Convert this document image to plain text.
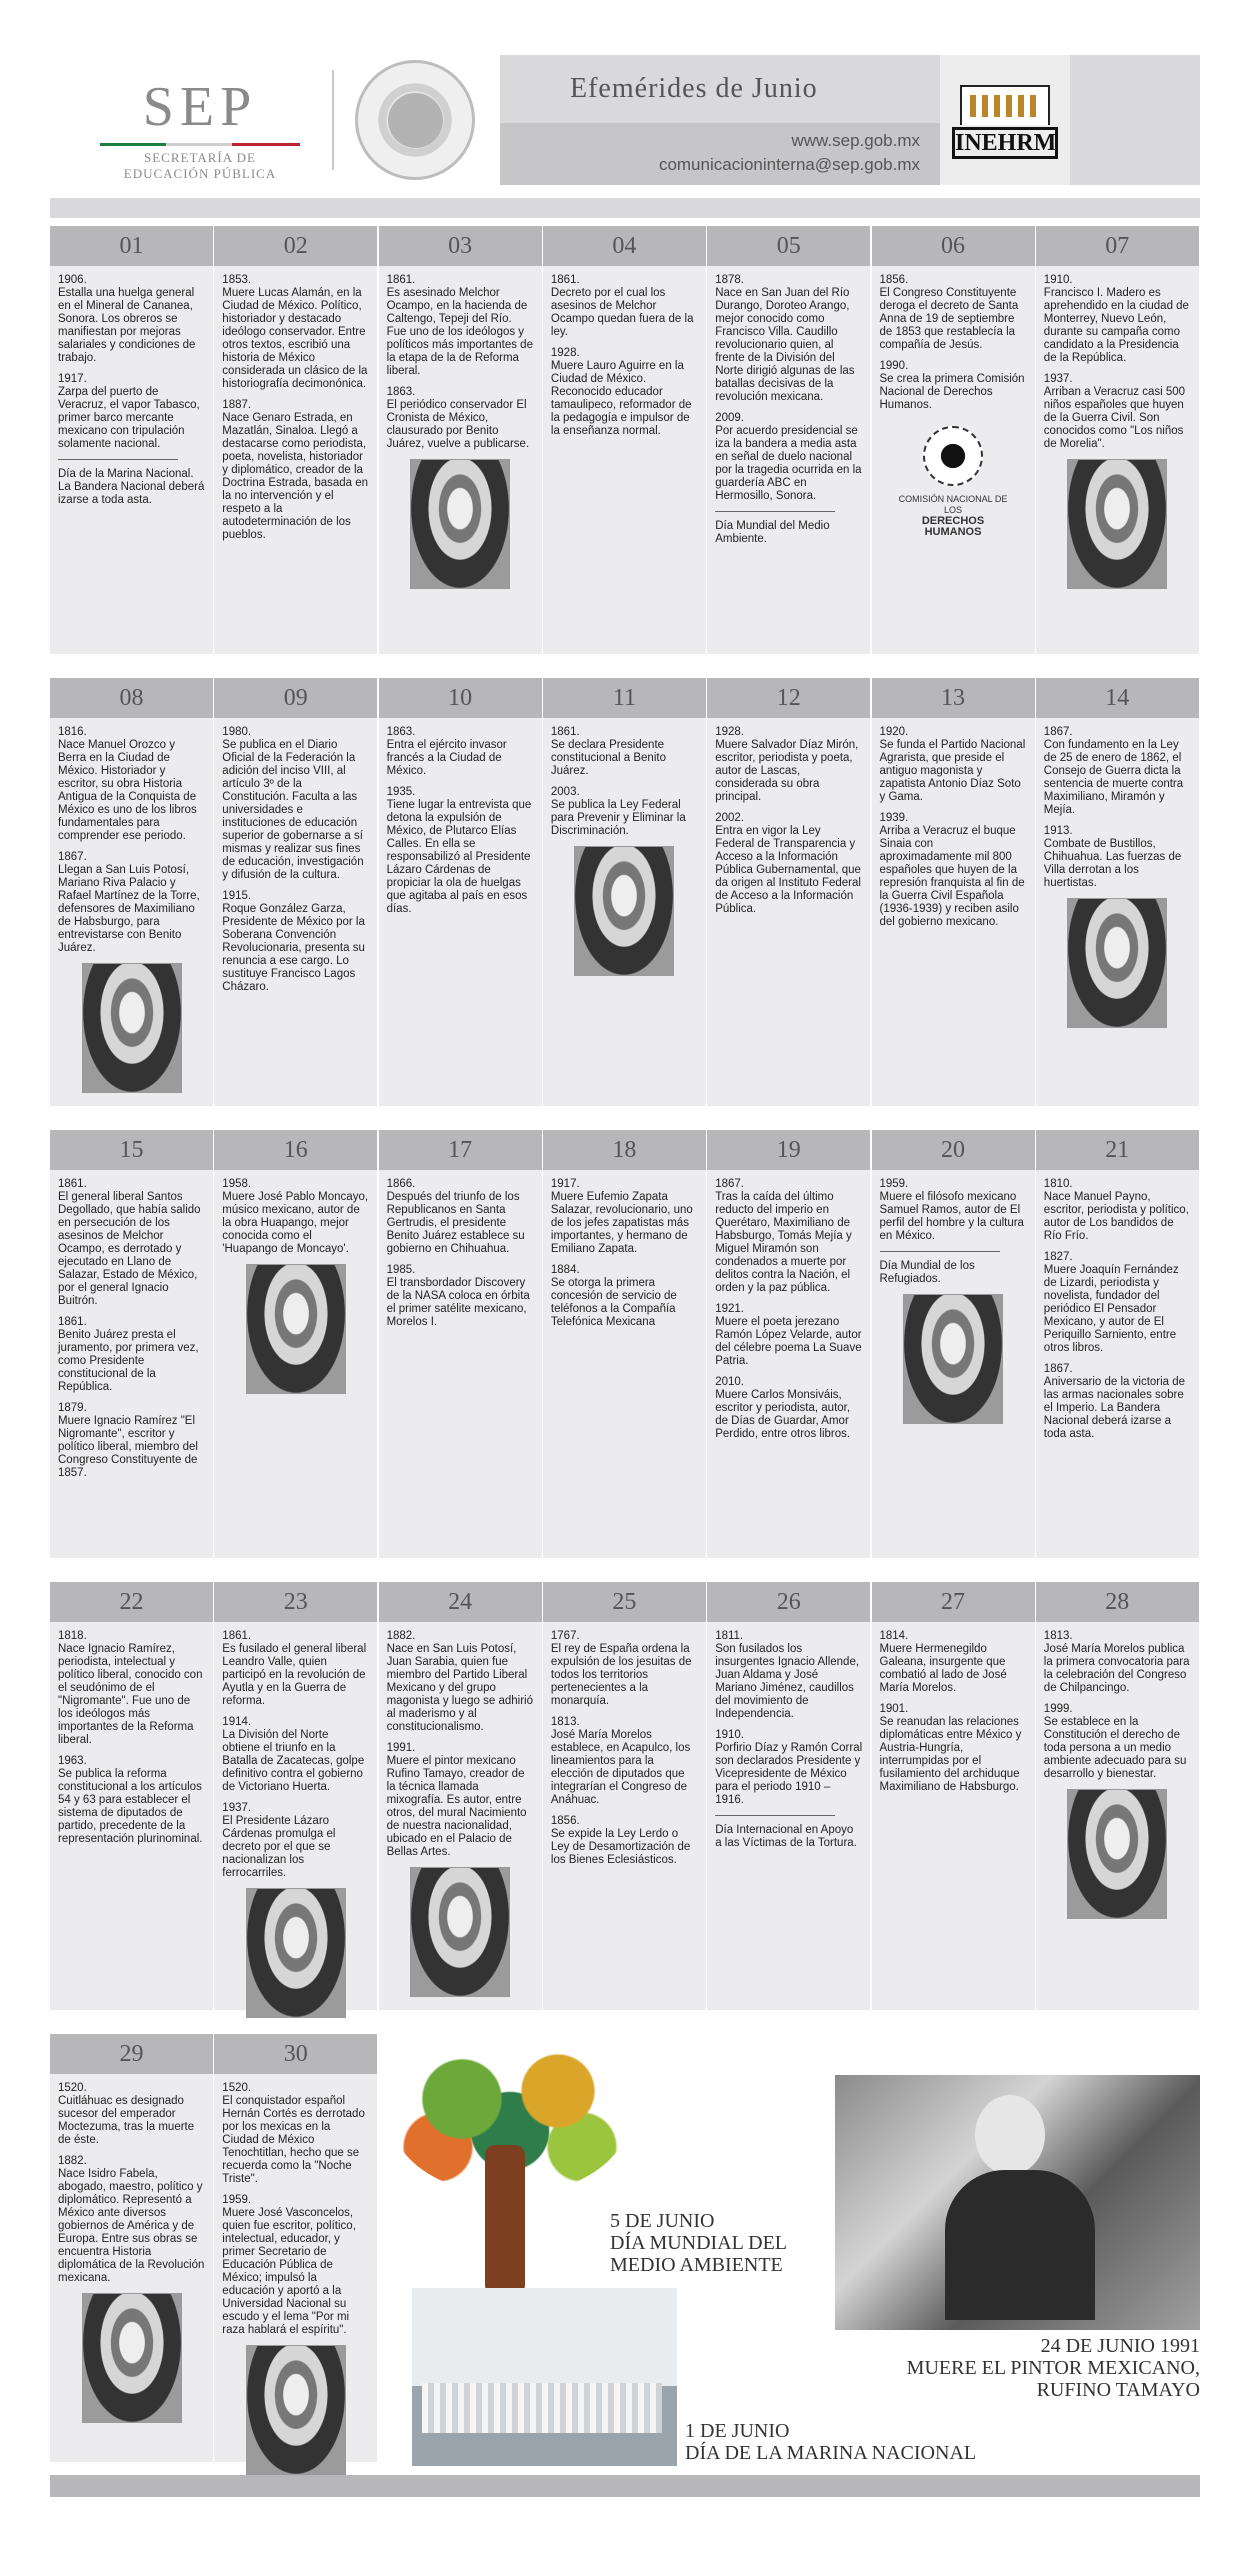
SEP
SECRETARÍA DE
EDUCACIÓN PÚBLICA
Efemérides de Junio
www.sep.gob.mx
comunicacioninterna@sep.gob.mx
INEHRM
01

1906.
Estalla una huelga general en el Mineral de Cananea, Sonora. Los obreros se manifiestan por mejoras salariales y condiciones de trabajo.

1917.
Zarpa del puerto de Veracruz, el vapor Tabasco, primer barco mercante mexicano con tripulación solamente nacional.

Día de la Marina Nacional. La Bandera Nacional deberá izarse a toda asta.

02

1853.
Muere Lucas Alamán, en la Ciudad de México. Político, historiador y destacado ideólogo conservador. Entre otros textos, escribió una historia de México considerada un clásico de la historiografía decimonónica.

1887.
Nace Genaro Estrada, en Mazatlán, Sinaloa. Llegó a destacarse como periodista, poeta, novelista, historiador y diplomático, creador de la Doctrina Estrada, basada en la no intervención y el respeto a la autodeterminación de los pueblos.

03

1861.
Es asesinado Melchor Ocampo, en la hacienda de Caltengo, Tepeji del Río. Fue uno de los ideólogos y políticos más importantes de la etapa de la de Reforma liberal.

1863.
El periódico conservador El Cronista de México, clausurado por Benito Juárez, vuelve a publicarse.

04

1861.
Decreto por el cual los asesinos de Melchor Ocampo quedan fuera de la ley.

1928.
Muere Lauro Aguirre en la Ciudad de México. Reconocido educador tamaulipeco, reformador de la pedagogía e impulsor de la enseñanza normal.

05

1878.
Nace en San Juan del Río Durango, Doroteo Arango, mejor conocido como Francisco Villa. Caudillo revolucionario quien, al frente de la División del Norte dirigió algunas de las batallas decisivas de la revolución mexicana.

2009.
Por acuerdo presidencial se iza la bandera a media asta en señal de duelo nacional por la tragedia ocurrida en la guardería ABC en Hermosillo, Sonora.

Día Mundial del Medio Ambiente.

06

1856.
El Congreso Constituyente deroga el decreto de Santa Anna de 19 de septiembre de 1853 que restablecía la compañía de Jesús.

1990.
Se crea la primera Comisión Nacional de Derechos Humanos.

COMISIÓN NACIONAL DE LOS
DERECHOS HUMANOS
07

1910.
Francisco I. Madero es aprehendido en la ciudad de Monterrey, Nuevo León, durante su campaña como candidato a la Presidencia de la República.

1937.
Arriban a Veracruz casi 500 niños españoles que huyen de la Guerra Civil. Son conocidos como "Los niños de Morelia".

08

1816.
Nace Manuel Orozco y Berra en la Ciudad de México. Historiador y escritor, su obra Historia Antigua de la Conquista de México es uno de los libros fundamentales para comprender ese periodo.

1867.
Llegan a San Luis Potosí, Mariano Riva Palacio y Rafael Martínez de la Torre, defensores de Maximiliano de Habsburgo, para entrevistarse con Benito Juárez.

09

1980.
Se publica en el Diario Oficial de la Federación la adición del inciso VIII, al artículo 3º de la Constitución. Faculta a las universidades e instituciones de educación superior de gobernarse a sí mismas y realizar sus fines de educación, investigación y difusión de la cultura.

1915.
Roque González Garza, Presidente de México por la Soberana Convención Revolucionaria, presenta su renuncia a ese cargo. Lo sustituye Francisco Lagos Cházaro.

10

1863.
Entra el ejército invasor francés a la Ciudad de México.

1935.
Tiene lugar la entrevista que detona la expulsión de México, de Plutarco Elías Calles. En ella se responsabilizó al Presidente Lázaro Cárdenas de propiciar la ola de huelgas que agitaba al país en esos días.

11

1861.
Se declara Presidente constitucional a Benito Juárez.

2003.
Se publica la Ley Federal para Prevenir y Eliminar la Discriminación.

12

1928.
Muere Salvador Díaz Mirón, escritor, periodista y poeta, autor de Lascas, considerada su obra principal.

2002.
Entra en vigor la Ley Federal de Transparencia y Acceso a la Información Pública Gubernamental, que da origen al Instituto Federal de Acceso a la Información Pública.

13

1920.
Se funda el Partido Nacional Agrarista, que preside el antiguo magonista y zapatista Antonio Díaz Soto y Gama.

1939.
Arriba a Veracruz el buque Sinaia con aproximadamente mil 800 españoles que huyen de la represión franquista al fin de la Guerra Civil Española (1936-1939) y reciben asilo del gobierno mexicano.

14

1867.
Con fundamento en la Ley de 25 de enero de 1862, el Consejo de Guerra dicta la sentencia de muerte contra Maximiliano, Miramón y Mejía.

1913.
Combate de Bustillos, Chihuahua. Las fuerzas de Villa derrotan a los huertistas.

15

1861.
El general liberal Santos Degollado, que había salido en persecución de los asesinos de Melchor Ocampo, es derrotado y ejecutado en Llano de Salazar, Estado de México, por el general Ignacio Buitrón.

1861.
Benito Juárez presta el juramento, por primera vez, como Presidente constitucional de la República.

1879.
Muere Ignacio Ramírez "El Nigromante", escritor y político liberal, miembro del Congreso Constituyente de 1857.

16

1958.
Muere José Pablo Moncayo, músico mexicano, autor de la obra Huapango, mejor conocida como el 'Huapango de Moncayo'.

17

1866.
Después del triunfo de los Republicanos en Santa Gertrudis, el presidente Benito Juárez establece su gobierno en Chihuahua.

1985.
El transbordador Discovery de la NASA coloca en órbita el primer satélite mexicano, Morelos I.

18

1917.
Muere Eufemio Zapata Salazar, revolucionario, uno de los jefes zapatistas más importantes, y hermano de Emiliano Zapata.

1884.
Se otorga la primera concesión de servicio de teléfonos a la Compañía Telefónica Mexicana

19

1867.
Tras la caída del último reducto del imperio en Querétaro, Maximiliano de Habsburgo, Tomás Mejía y Miguel Miramón son condenados a muerte por delitos contra la Nación, el orden y la paz pública.

1921.
Muere el poeta jerezano Ramón López Velarde, autor del célebre poema La Suave Patria.

2010.
Muere Carlos Monsiváis, escritor y periodista, autor, de Días de Guardar, Amor Perdido, entre otros libros.

20

1959.
Muere el filósofo mexicano Samuel Ramos, autor de El perfil del hombre y la cultura en México.

Día Mundial de los Refugiados.

21

1810.
Nace Manuel Payno, escritor, periodista y político, autor de Los bandidos de Río Frío.

1827.
Muere Joaquín Fernández de Lizardi, periodista y novelista, fundador del periódico El Pensador Mexicano, y autor de El Periquillo Sarniento, entre otros libros.

1867.
Aniversario de la victoria de las armas nacionales sobre el Imperio. La Bandera Nacional deberá izarse a toda asta.

22

1818.
Nace Ignacio Ramírez, periodista, intelectual y político liberal, conocido con el seudónimo de el "Nigromante". Fue uno de los ideólogos más importantes de la Reforma liberal.

1963.
Se publica la reforma constitucional a los artículos 54 y 63 para establecer el sistema de diputados de partido, precedente de la representación plurinominal.

23

1861.
Es fusilado el general liberal Leandro Valle, quien participó en la revolución de Ayutla y en la Guerra de reforma.

1914.
La División del Norte obtiene el triunfo en la Batalla de Zacatecas, golpe definitivo contra el gobierno de Victoriano Huerta.

1937.
El Presidente Lázaro Cárdenas promulga el decreto por el que se nacionalizan los ferrocarriles.

24

1882.
Nace en San Luis Potosí, Juan Sarabia, quien fue miembro del Partido Liberal Mexicano y del grupo magonista y luego se adhirió al maderismo y al constitucionalismo.

1991.
Muere el pintor mexicano Rufino Tamayo, creador de la técnica llamada mixografía. Es autor, entre otros, del mural Nacimiento de nuestra nacionalidad, ubicado en el Palacio de Bellas Artes.

25

1767.
El rey de España ordena la expulsión de los jesuitas de todos los territorios pertenecientes a la monarquía.

1813.
José María Morelos establece, en Acapulco, los lineamientos para la elección de diputados que integrarían el Congreso de Anáhuac.

1856.
Se expide la Ley Lerdo o Ley de Desamortización de los Bienes Eclesiásticos.

26

1811.
Son fusilados los insurgentes Ignacio Allende, Juan Aldama y José Mariano Jiménez, caudillos del movimiento de Independencia.

1910.
Porfirio Díaz y Ramón Corral son declarados Presidente y Vicepresidente de México para el periodo 1910 – 1916.

Día Internacional en Apoyo a las Víctimas de la Tortura.

27

1814.
Muere Hermenegildo Galeana, insurgente que combatió al lado de José María Morelos.

1901.
Se reanudan las relaciones diplomáticas entre México y Austria-Hungría, interrumpidas por el fusilamiento del archiduque Maximiliano de Habsburgo.

28

1813.
José María Morelos publica la primera convocatoria para la celebración del Congreso de Chilpancingo.

1999.
Se establece en la Constitución el derecho de toda persona a un medio ambiente adecuado para su desarrollo y bienestar.

29

1520.
Cuitláhuac es designado sucesor del emperador Moctezuma, tras la muerte de éste.

1882.
Nace Isidro Fabela, abogado, maestro, político y diplomático. Representó a México ante diversos gobiernos de América y de Europa. Entre sus obras se encuentra Historia diplomática de la Revolución mexicana.

30

1520.
El conquistador español Hernán Cortés es derrotado por los mexicas en la Ciudad de México Tenochtitlan, hecho que se recuerda como la "Noche Triste".

1959.
Muere José Vasconcelos, quien fue escritor, político, intelectual, educador, y primer Secretario de Educación Pública de México; impulsó la educación y aportó a la Universidad Nacional su escudo y el lema "Por mi raza hablará el espíritu".

5 DE JUNIO
DÍA MUNDIAL DEL
MEDIO AMBIENTE
24 DE JUNIO 1991
MUERE EL PINTOR MEXICANO,
RUFINO TAMAYO
1 DE JUNIO
DÍA DE LA MARINA NACIONAL
